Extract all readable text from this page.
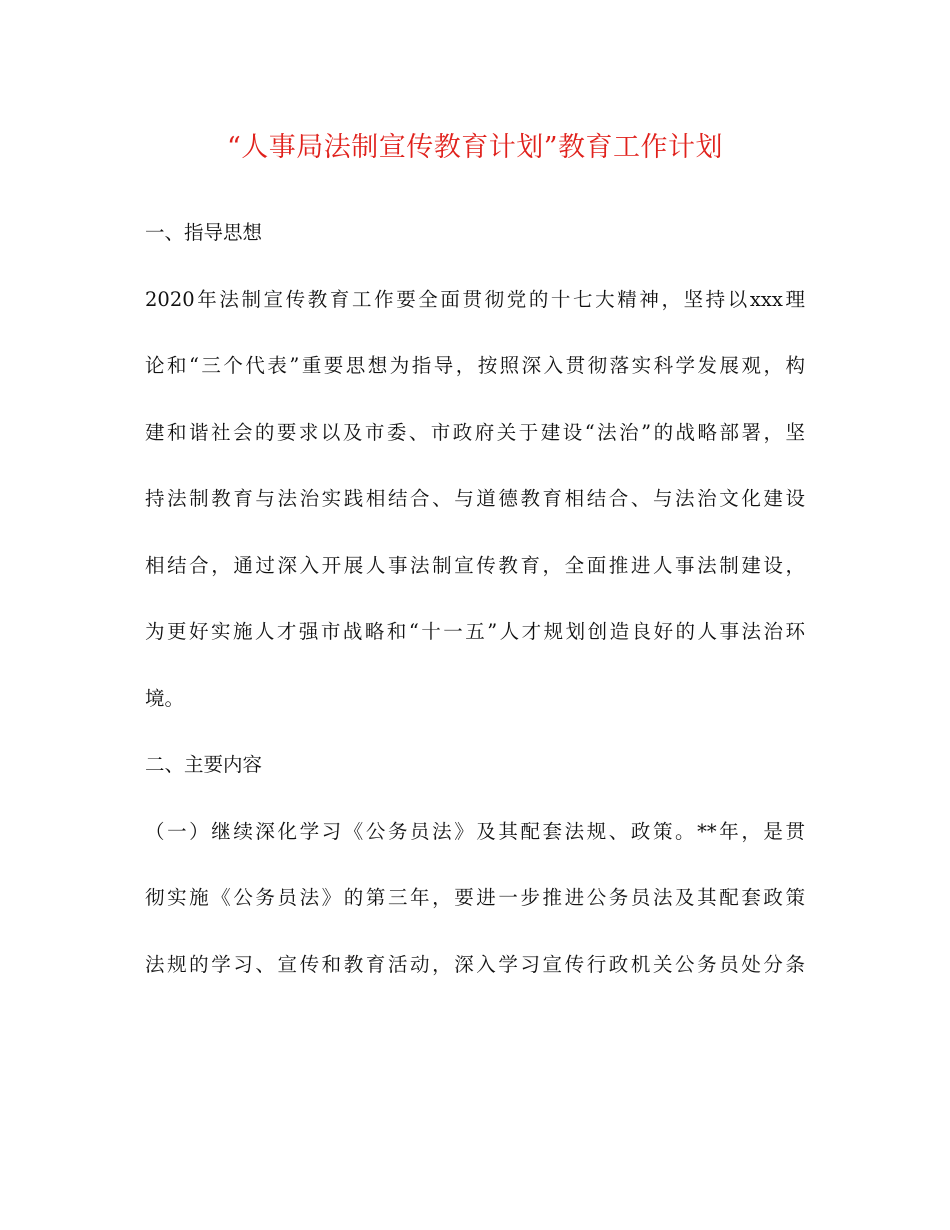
“人事局法制宣传教育计划”教育工作计划
一、指导思想
2020年法制宣传教育工作要全面贯彻党的十七大精神，坚持以xxx理
论和“三个代表”重要思想为指导，按照深入贯彻落实科学发展观，构
建和谐社会的要求以及市委、市政府关于建设“法治”的战略部署，坚
持法制教育与法治实践相结合、与道德教育相结合、与法治文化建设
相结合，通过深入开展人事法制宣传教育，全面推进人事法制建设，
为更好实施人才强市战略和“十一五”人才规划创造良好的人事法治环
境。
二、主要内容
（一）继续深化学习《公务员法》及其配套法规、政策。**年，是贯
彻实施《公务员法》的第三年，要进一步推进公务员法及其配套政策
法规的学习、宣传和教育活动，深入学习宣传行政机关公务员处分条
